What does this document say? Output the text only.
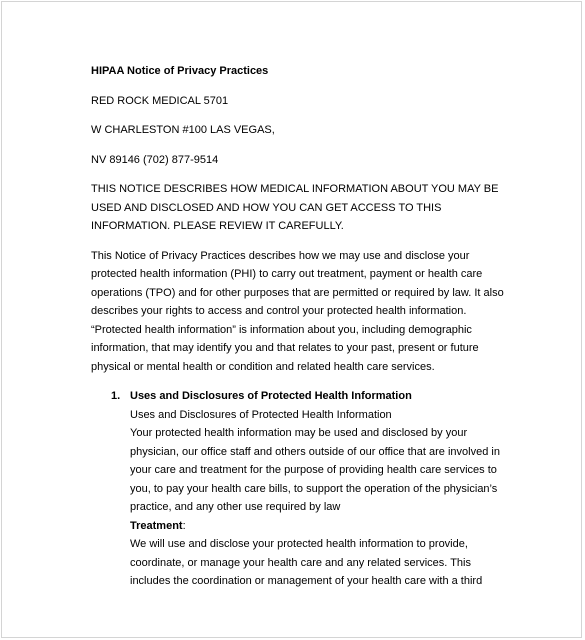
HIPAA Notice of Privacy Practices
RED ROCK MEDICAL 5701
W CHARLESTON #100 LAS VEGAS,
NV 89146 (702) 877-9514
THIS NOTICE DESCRIBES HOW MEDICAL INFORMATION ABOUT YOU MAY BE
USED AND DISCLOSED AND HOW YOU CAN GET ACCESS TO THIS
INFORMATION. PLEASE REVIEW IT CAREFULLY.
This Notice of Privacy Practices describes how we may use and disclose your
protected health information (PHI) to carry out treatment, payment or health care
operations (TPO) and for other purposes that are permitted or required by law. It also
describes your rights to access and control your protected health information.
“Protected health information” is information about you, including demographic
information, that may identify you and that relates to your past, present or future
physical or mental health or condition and related health care services.
1. Uses and Disclosures of Protected Health Information
Uses and Disclosures of Protected Health Information
Your protected health information may be used and disclosed by your
physician, our office staff and others outside of our office that are involved in
your care and treatment for the purpose of providing health care services to
you, to pay your health care bills, to support the operation of the physician’s
practice, and any other use required by law
Treatment:
We will use and disclose your protected health information to provide,
coordinate, or manage your health care and any related services. This
includes the coordination or management of your health care with a third
